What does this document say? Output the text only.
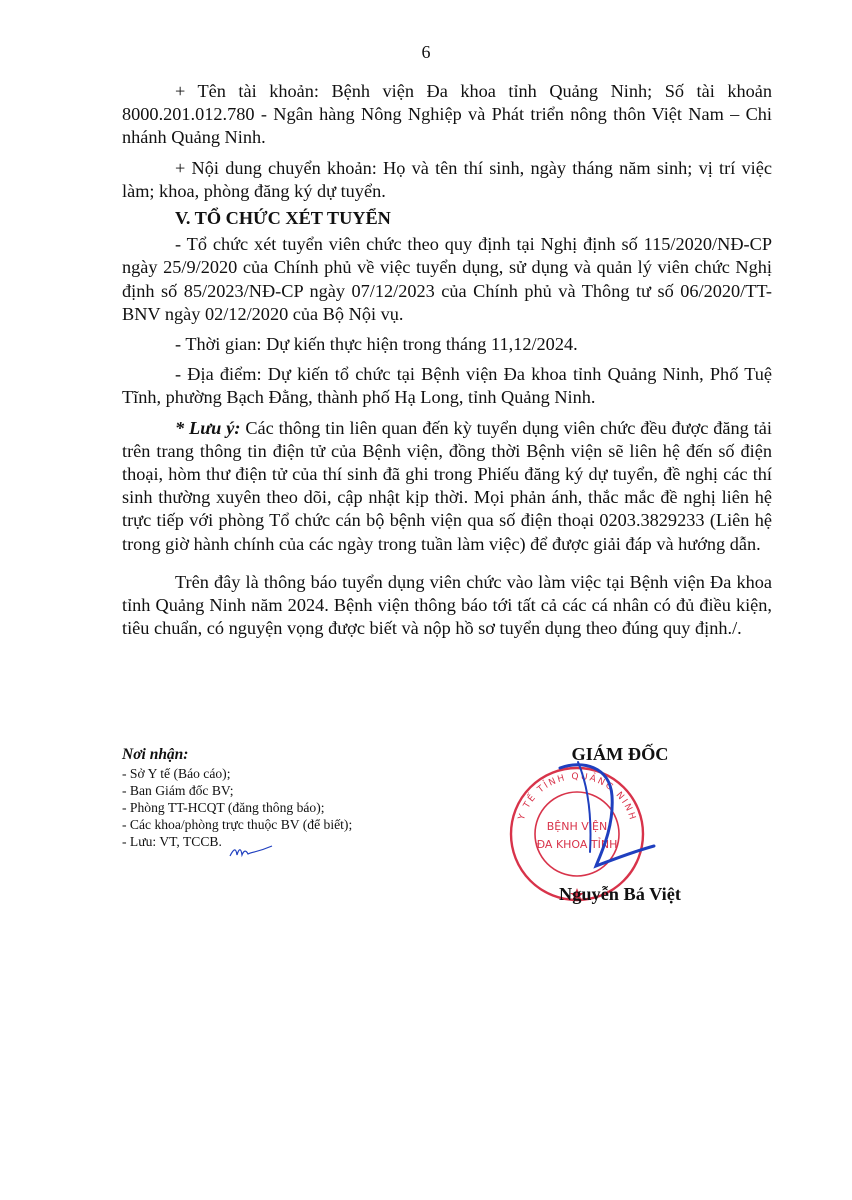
6

+ Tên tài khoản: Bệnh viện Đa khoa tỉnh Quảng Ninh; Số tài khoản 8000.201.012.780 - Ngân hàng Nông Nghiệp và Phát triển nông thôn Việt Nam – Chi nhánh Quảng Ninh.

+ Nội dung chuyển khoản: Họ và tên thí sinh, ngày tháng năm sinh; vị trí việc làm; khoa, phòng đăng ký dự tuyển.

V. TỔ CHỨC XÉT TUYỂN

- Tổ chức xét tuyển viên chức theo quy định tại Nghị định số 115/2020/NĐ-CP ngày 25/9/2020 của Chính phủ về việc tuyển dụng, sử dụng và quản lý viên chức Nghị định số 85/2023/NĐ-CP ngày 07/12/2023 của Chính phủ và Thông tư số 06/2020/TT-BNV ngày 02/12/2020 của Bộ Nội vụ.

- Thời gian: Dự kiến thực hiện trong tháng 11,12/2024.

- Địa điểm: Dự kiến tổ chức tại Bệnh viện Đa khoa tỉnh Quảng Ninh, Phố Tuệ Tĩnh, phường Bạch Đằng, thành phố Hạ Long, tỉnh Quảng Ninh.

* Lưu ý: Các thông tin liên quan đến kỳ tuyển dụng viên chức đều được đăng tải trên trang thông tin điện tử của Bệnh viện, đồng thời Bệnh viện sẽ liên hệ đến số điện thoại, hòm thư điện tử của thí sinh đã ghi trong Phiếu đăng ký dự tuyển, đề nghị các thí sinh thường xuyên theo dõi, cập nhật kịp thời. Mọi phản ánh, thắc mắc đề nghị liên hệ trực tiếp với phòng Tổ chức cán bộ bệnh viện qua số điện thoại 0203.3829233 (Liên hệ trong giờ hành chính của các ngày trong tuần làm việc) để được giải đáp và hướng dẫn.

Trên đây là thông báo tuyển dụng viên chức vào làm việc tại Bệnh viện Đa khoa tỉnh Quảng Ninh năm 2024. Bệnh viện thông báo tới tất cả các cá nhân có đủ điều kiện, tiêu chuẩn, có nguyện vọng được biết và nộp hồ sơ tuyển dụng theo đúng quy định./.

Nơi nhận:
- Sở Y tế (Báo cáo);
- Ban Giám đốc BV;
- Phòng TT-HCQT (đăng thông báo);
- Các khoa/phòng trực thuộc BV (để biết);
- Lưu: VT, TCCB.
GIÁM ĐỐC
Y TẾ TỈNH QUẢNG NINH
BỆNH VIỆN
ĐA KHOA TỈNH
Nguyễn Bá Việt
